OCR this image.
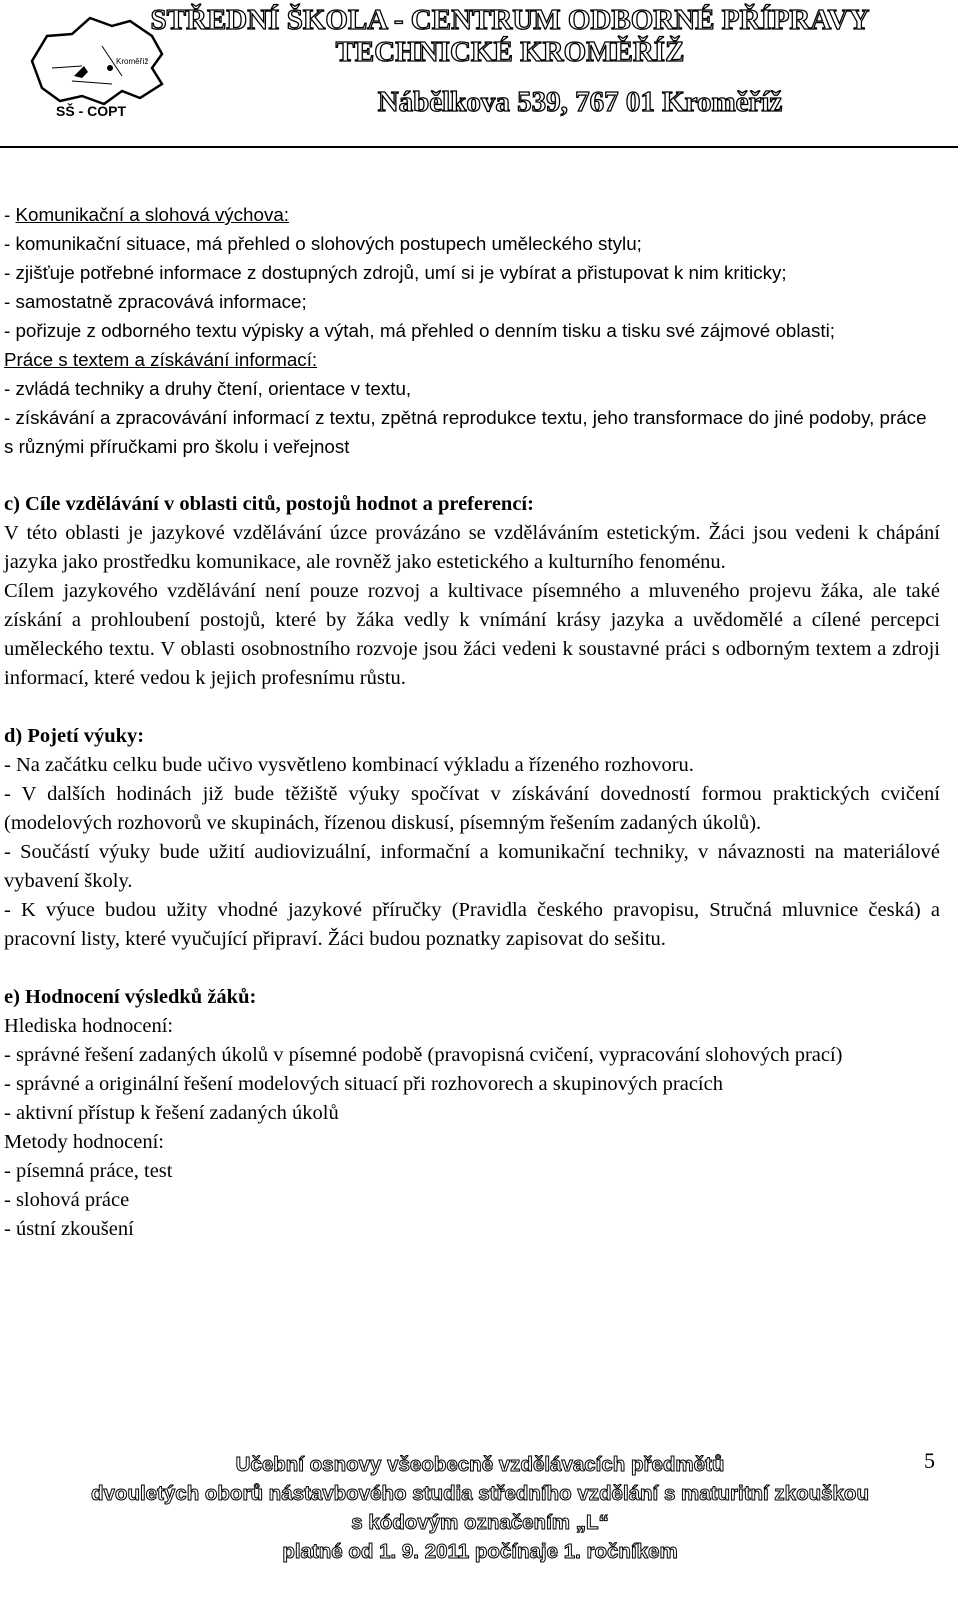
Kroměříž
SŠ - COPT
STŘEDNÍ ŠKOLA - CENTRUM ODBORNÉ PŘÍPRAVY TECHNICKÉ KROMĚŘÍŽ
Nábělkova 539, 767 01 Kroměříž

- Komunikační a slohová výchova:

- komunikační situace, má přehled o slohových postupech uměleckého stylu;

- zjišťuje potřebné informace z dostupných zdrojů, umí si je vybírat a přistupovat k nim kriticky;

- samostatně zpracovává informace;

- pořizuje z odborného textu výpisky a výtah, má přehled o denním tisku a tisku své zájmové oblasti;

Práce s textem a získávání informací:

- zvládá techniky a druhy čtení, orientace v textu,

- získávání a zpracovávání informací z textu, zpětná reprodukce textu, jeho transformace do jiné podoby, práce s různými příručkami pro školu i veřejnost

c) Cíle vzdělávání v oblasti citů, postojů hodnot a preferencí:

V této oblasti je jazykové vzdělávání úzce provázáno se vzděláváním estetickým. Žáci jsou vedeni k chápání jazyka jako prostředku komunikace, ale rovněž jako estetického a kulturního fenoménu.

Cílem jazykového vzdělávání není pouze rozvoj a kultivace písemného a mluveného projevu žáka, ale také získání a prohloubení postojů, které by žáka vedly k vnímání krásy jazyka a uvědomělé a cílené percepci uměleckého textu. V oblasti osobnostního rozvoje jsou žáci vedeni k soustavné práci s odborným textem a zdroji informací, které vedou k jejich profesnímu růstu.

d) Pojetí výuky:

- Na začátku celku bude učivo vysvětleno kombinací výkladu a řízeného rozhovoru.

- V dalších hodinách již bude těžiště výuky spočívat v získávání dovedností formou praktických cvičení (modelových rozhovorů ve skupinách, řízenou diskusí, písemným řešením zadaných úkolů).

- Součástí výuky bude užití audiovizuální, informační a komunikační techniky, v návaznosti na materiálové vybavení školy.

- K výuce budou užity vhodné jazykové příručky (Pravidla českého pravopisu, Stručná mluvnice česká) a pracovní listy, které vyučující připraví. Žáci budou poznatky zapisovat do sešitu.

e) Hodnocení výsledků žáků:

Hlediska hodnocení:

- správné řešení zadaných úkolů v písemné podobě (pravopisná cvičení, vypracování slohových prací)

- správné a originální řešení modelových situací při rozhovorech a skupinových pracích

- aktivní přístup k řešení zadaných úkolů

Metody hodnocení:

- písemná práce, test

- slohová práce

- ústní zkoušení

Učební osnovy všeobecně vzdělávacích předmětů
dvouletých oborů nástavbového studia středního vzdělání s maturitní zkouškou
s kódovým označením „L“
platné od 1. 9. 2011 počínaje 1. ročníkem
5
